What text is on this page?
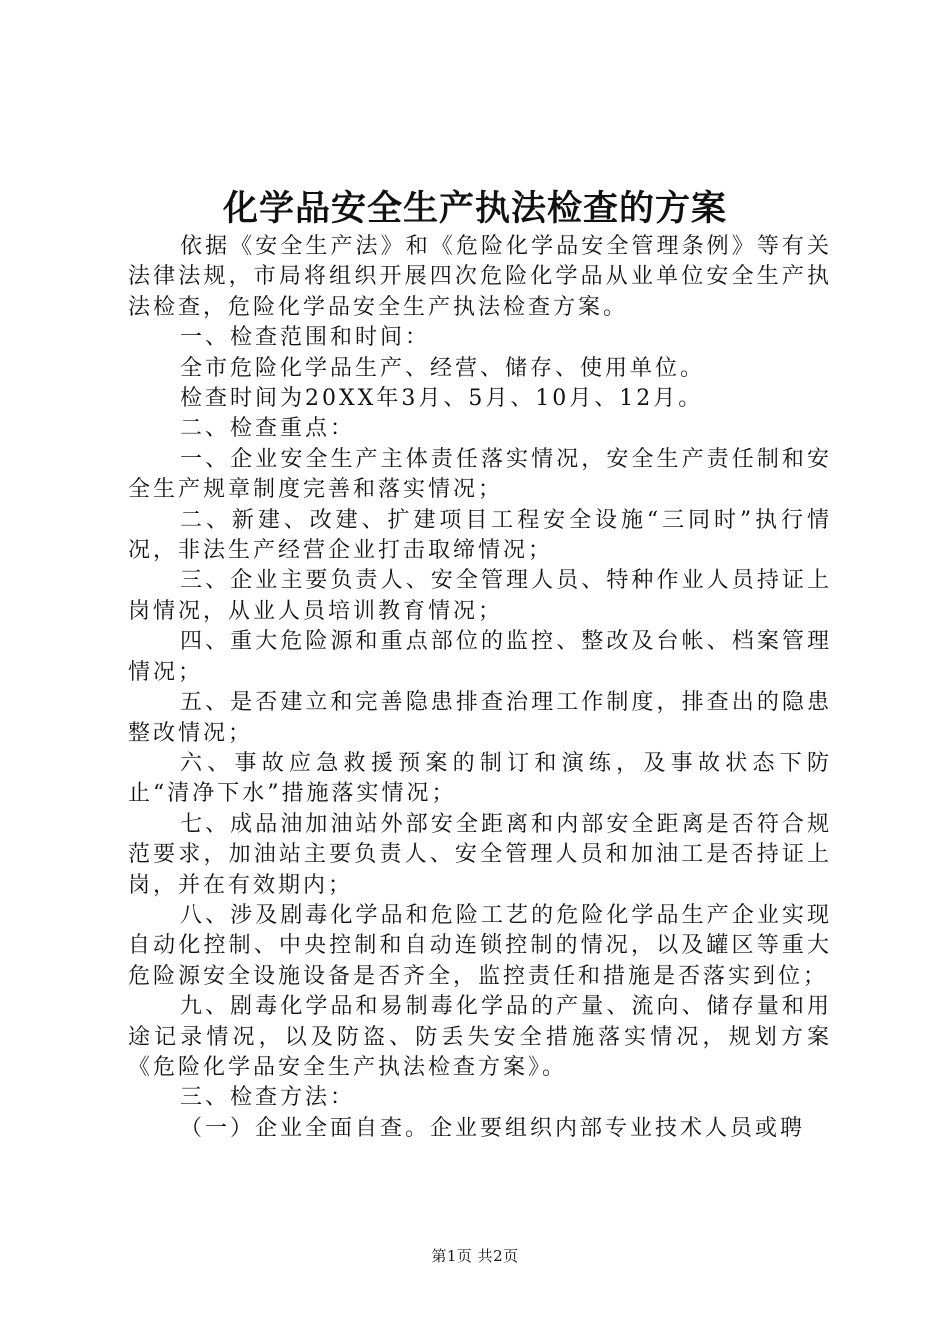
化学品安全生产执法检查的方案

依据《安全生产法》和《危险化学品安全管理条例》等有关法律法规，市局将组织开展四次危险化学品从业单位安全生产执法检查，危险化学品安全生产执法检查方案。

一、检查范围和时间：

全市危险化学品生产、经营、储存、使用单位。

检查时间为20XX年3月、5月、10月、12月。

二、检查重点：

一、企业安全生产主体责任落实情况，安全生产责任制和安全生产规章制度完善和落实情况；

二、新建、改建、扩建项目工程安全设施“三同时”执行情况，非法生产经营企业打击取缔情况；

三、企业主要负责人、安全管理人员、特种作业人员持证上岗情况，从业人员培训教育情况；

四、重大危险源和重点部位的监控、整改及台帐、档案管理情况；

五、是否建立和完善隐患排查治理工作制度，排查出的隐患整改情况；

六、事故应急救援预案的制订和演练，及事故状态下防止“清净下水”措施落实情况；

七、成品油加油站外部安全距离和内部安全距离是否符合规范要求，加油站主要负责人、安全管理人员和加油工是否持证上岗，并在有效期内；

八、涉及剧毒化学品和危险工艺的危险化学品生产企业实现自动化控制、中央控制和自动连锁控制的情况，以及罐区等重大危险源安全设施设备是否齐全，监控责任和措施是否落实到位；

九、剧毒化学品和易制毒化学品的产量、流向、储存量和用途记录情况，以及防盗、防丢失安全措施落实情况，规划方案《危险化学品安全生产执法检查方案》。

三、检查方法：

（一）企业全面自查。企业要组织内部专业技术人员或聘

第1页 共2页
